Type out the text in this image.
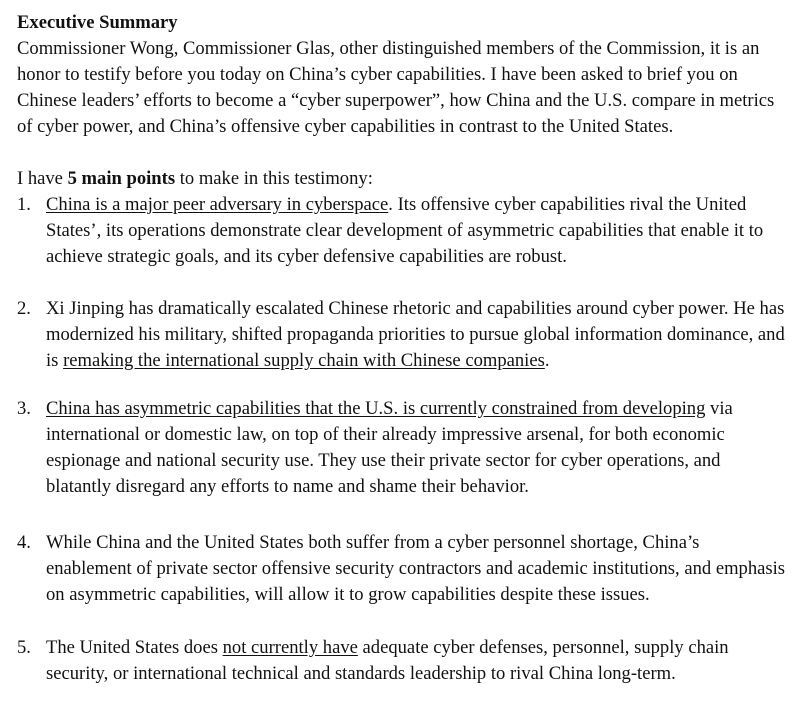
Executive Summary

Commissioner Wong, Commissioner Glas, other distinguished members of the Commission, it is an honor to testify before you today on China’s cyber capabilities. I have been asked to brief you on Chinese leaders’ efforts to become a “cyber superpower”, how China and the U.S. compare in metrics of cyber power, and China’s offensive cyber capabilities in contrast to the United States.

I have 5 main points to make in this testimony:

1. China is a major peer adversary in cyberspace. Its offensive cyber capabilities rival the United States’, its operations demonstrate clear development of asymmetric capabilities that enable it to achieve strategic goals, and its cyber defensive capabilities are robust.
2. Xi Jinping has dramatically escalated Chinese rhetoric and capabilities around cyber power. He has modernized his military, shifted propaganda priorities to pursue global information dominance, and is remaking the international supply chain with Chinese companies.
3. China has asymmetric capabilities that the U.S. is currently constrained from developing via international or domestic law, on top of their already impressive arsenal, for both economic espionage and national security use. They use their private sector for cyber operations, and blatantly disregard any efforts to name and shame their behavior.
4. While China and the United States both suffer from a cyber personnel shortage, China’s enablement of private sector offensive security contractors and academic institutions, and emphasis on asymmetric capabilities, will allow it to grow capabilities despite these issues.
5. The United States does not currently have adequate cyber defenses, personnel, supply chain security, or international technical and standards leadership to rival China long-term.
